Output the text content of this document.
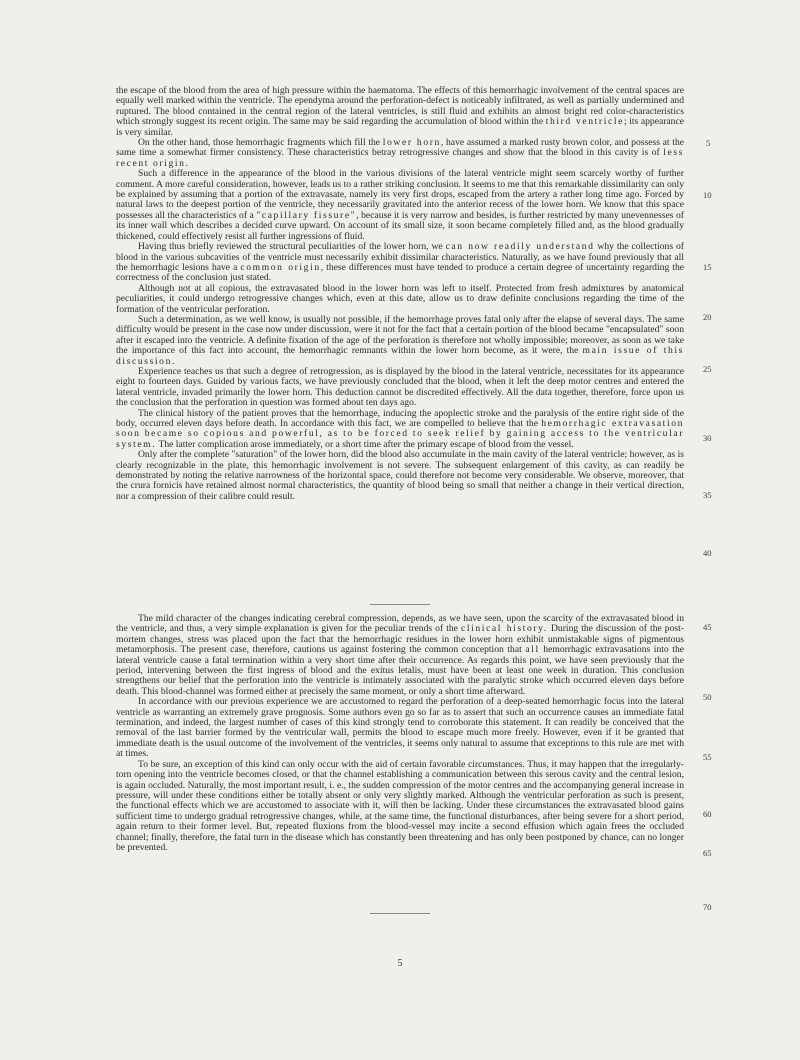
the escape of the blood from the area of high pressure within the haematoma. The effects of this hemorrhagic involvement of the central spaces are equally well marked within the ventricle. The ependyma around the perforation-defect is noticeably infiltrated, as well as partially undermined and ruptured. The blood contained in the central region of the lateral ventricles, is still fluid and exhibits an almost bright red color-characteristics which strongly suggest its recent origin. The same may be said regarding the accumulation of blood within the third ventricle; its appearance is very similar.

On the other hand, those hemorrhagic fragments which fill the lower horn, have assumed a marked rusty brown color, and possess at the same time a somewhat firmer consistency. These characteristics betray retrogressive changes and show that the blood in this cavity is of less recent origin.

Such a difference in the appearance of the blood in the various divisions of the lateral ventricle might seem scarcely worthy of further comment. A more careful consideration, however, leads us to a rather striking conclusion. It seems to me that this remarkable dissimilarity can only be explained by assuming that a portion of the extravasate, namely its very first drops, escaped from the artery a rather long time ago. Forced by natural laws to the deepest portion of the ventricle, they necessarily gravitated into the anterior recess of the lower horn. We know that this space possesses all the characteristics of a "capillary fissure", because it is very narrow and besides, is further restricted by many unevennesses of its inner wall which describes a decided curve upward. On account of its small size, it soon became completely filled and, as the blood gradually thickened, could effectively resist all further ingressions of fluid.

Having thus briefly reviewed the structural peculiarities of the lower horn, we can now readily understand why the collections of blood in the various subcavities of the ventricle must necessarily exhibit dissimilar characteristics. Naturally, as we have found previously that all the hemorrhagic lesions have a common origin, these differences must have tended to produce a certain degree of uncertainty regarding the correctness of the conclusion just stated.

Although not at all copious, the extravasated blood in the lower horn was left to itself. Protected from fresh admixtures by anatomical peculiarities, it could undergo retrogressive changes which, even at this date, allow us to draw definite conclusions regarding the time of the formation of the ventricular perforation.

Such a determination, as we well know, is usually not possible, if the hemorrhage proves fatal only after the elapse of several days. The same difficulty would be present in the case now under discussion, were it not for the fact that a certain portion of the blood became "encapsulated" soon after it escaped into the ventricle. A definite fixation of the age of the perforation is therefore not wholly impossible; moreover, as soon as we take the importance of this fact into account, the hemorrhagic remnants within the lower horn become, as it were, the main issue of this discussion.

Experience teaches us that such a degree of retrogression, as is displayed by the blood in the lateral ventricle, necessitates for its appearance eight to fourteen days. Guided by various facts, we have previously concluded that the blood, when it left the deep motor centres and entered the lateral ventricle, invaded primarily the lower horn. This deduction cannot be discredited effectively. All the data together, therefore, force upon us the conclusion that the perforation in question was formed about ten days ago.

The clinical history of the patient proves that the hemorrhage, inducing the apoplectic stroke and the paralysis of the entire right side of the body, occurred eleven days before death. In accordance with this fact, we are compelled to believe that the hemorrhagic extravasation soon became so copious and powerful, as to be forced to seek relief by gaining access to the ventricular system. The latter complication arose immediately, or a short time after the primary escape of blood from the vessel.

Only after the complete "saturation" of the lower horn, did the blood also accumulate in the main cavity of the lateral ventricle; however, as is clearly recognizable in the plate, this hemorrhagic involvement is not severe. The subsequent enlargement of this cavity, as can readily be demonstrated by noting the relative narrowness of the horizontal space, could therefore not become very considerable. We observe, moreover, that the crura fornicis have retained almost normal characteristics, the quantity of blood being so small that neither a change in their vertical direction, nor a compression of their calibre could result.

The mild character of the changes indicating cerebral compression, depends, as we have seen, upon the scarcity of the extravasated blood in the ventricle, and thus, a very simple explanation is given for the peculiar trends of the clinical history. During the discussion of the post-mortem changes, stress was placed upon the fact that the hemorrhagic residues in the lower horn exhibit unmistakable signs of pigmentous metamorphosis. The present case, therefore, cautions us against fostering the common conception that all hemorrhagic extravasations into the lateral ventricle cause a fatal termination within a very short time after their occurrence. As regards this point, we have seen previously that the period, intervening between the first ingress of blood and the exitus letalis, must have been at least one week in duration. This conclusion strengthens our belief that the perforation into the ventricle is intimately associated with the paralytic stroke which occurred eleven days before death. This blood-channel was formed either at precisely the same moment, or only a short time afterward.

In accordance with our previous experience we are accustomed to regard the perforation of a deep-seated hemorrhagic focus into the lateral ventricle as warranting an extremely grave prognosis. Some authors even go so far as to assert that such an occurrence causes an immediate fatal termination, and indeed, the largest number of cases of this kind strongly tend to corroborate this statement. It can readily be conceived that the removal of the last barrier formed by the ventricular wall, permits the blood to escape much more freely. However, even if it be granted that immediate death is the usual outcome of the involvement of the ventricles, it seems only natural to assume that exceptions to this rule are met with at times.

To be sure, an exception of this kind can only occur with the aid of certain favorable circumstances. Thus, it may happen that the irregularly-torn opening into the ventricle becomes closed, or that the channel establishing a communication between this serous cavity and the central lesion, is again occluded. Naturally, the most important result, i. e., the sudden compression of the motor centres and the accompanying general increase in pressure, will under these conditions either be totally absent or only very slightly marked. Although the ventricular perforation as such is present, the functional effects which we are accustomed to associate with it, will then be lacking. Under these circumstances the extravasated blood gains sufficient time to undergo gradual retrogressive changes, while, at the same time, the functional disturbances, after being severe for a short period, again return to their former level. But, repeated fluxions from the blood-vessel may incite a second effusion which again frees the occluded channel; finally, therefore, the fatal turn in the disease which has constantly been threatening and has only been postponed by chance, can no longer be prevented.

5
10
15
20
25
30
35
40
45
50
55
60
65
70
5
